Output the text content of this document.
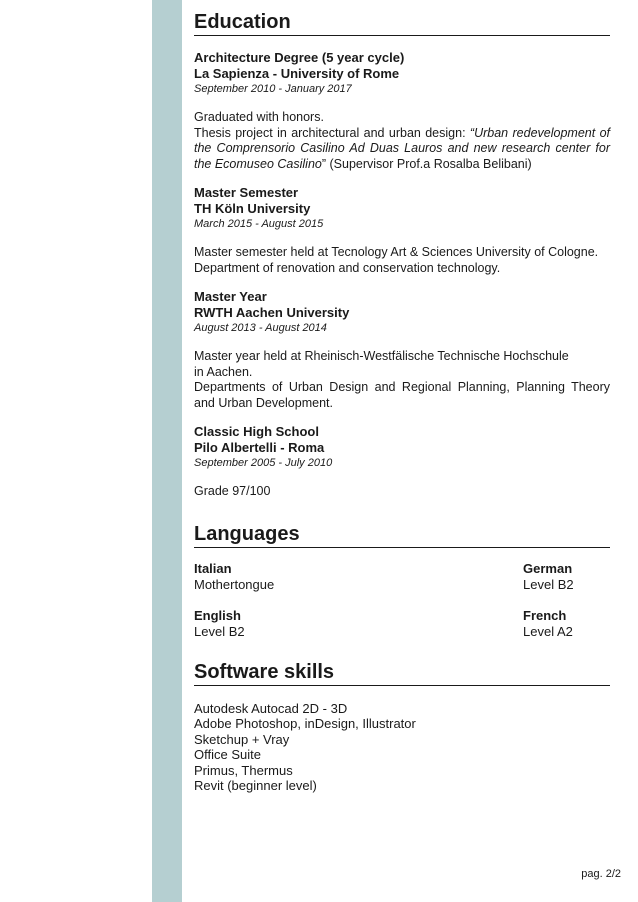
Education

Architecture Degree (5 year cycle)

La Sapienza - University of Rome

September 2010 - January 2017

Graduated with honors.

Thesis project in architectural and urban design: “Urban redevelopment of the Comprensorio Casilino Ad Duas Lauros and new research center for the Ecomuseo Casilino” (Supervisor Prof.a Rosalba Belibani)

Master Semester

TH Köln University

March 2015 - August 2015

Master semester held at Tecnology Art & Sciences University of Cologne.

Department of renovation and conservation technology.

Master Year

RWTH Aachen University

August 2013 - August 2014

Master year held at Rheinisch-Westfälische Technische Hochschule

in Aachen.

Departments of Urban Design and Regional Planning, Planning Theory and Urban Development.

Classic High School

Pilo Albertelli - Roma

September 2005 - July 2010

Grade 97/100

Languages
Italian
Mothertongue
German
Level B2
English
Level B2
French
Level A2
Software skills
Autodesk Autocad 2D - 3D
Adobe Photoshop, inDesign, Illustrator
Sketchup + Vray
Office Suite
Primus, Thermus
Revit (beginner level)
pag. 2/2
